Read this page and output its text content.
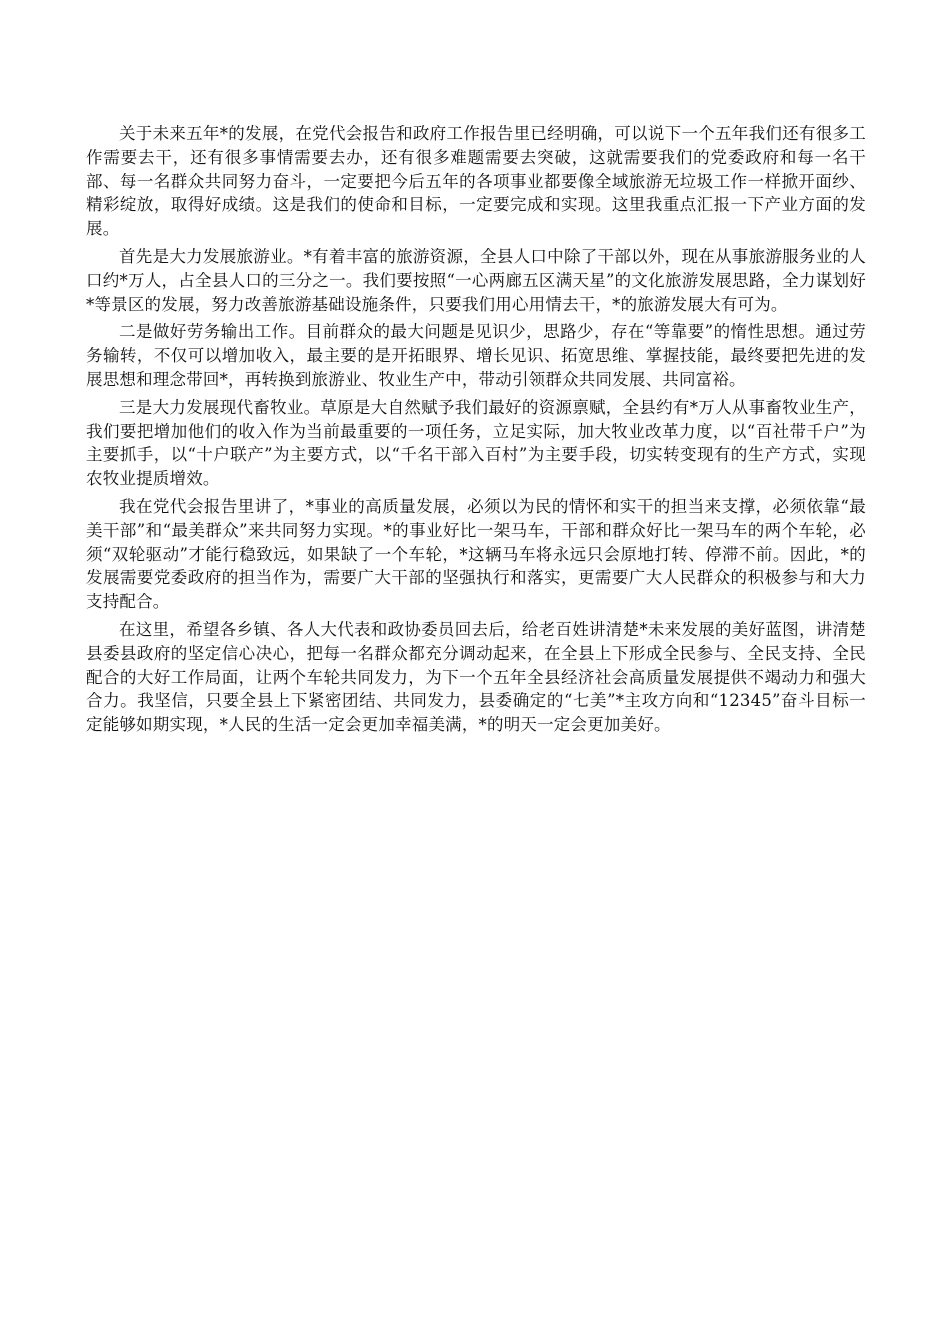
关于未来五年*的发展，在党代会报告和政府工作报告里已经明确，可以说下一个五年我们还有很多工作需要去干，还有很多事情需要去办，还有很多难题需要去突破，这就需要我们的党委政府和每一名干部、每一名群众共同努力奋斗，一定要把今后五年的各项事业都要像全域旅游无垃圾工作一样掀开面纱、精彩绽放，取得好成绩。这是我们的使命和目标，一定要完成和实现。这里我重点汇报一下产业方面的发展。

首先是大力发展旅游业。*有着丰富的旅游资源，全县人口中除了干部以外，现在从事旅游服务业的人口约*万人，占全县人口的三分之一。我们要按照“一心两廊五区满天星”的文化旅游发展思路，全力谋划好*等景区的发展，努力改善旅游基础设施条件，只要我们用心用情去干，*的旅游发展大有可为。

二是做好劳务输出工作。目前群众的最大问题是见识少，思路少，存在“等靠要”的惰性思想。通过劳务输转，不仅可以增加收入，最主要的是开拓眼界、增长见识、拓宽思维、掌握技能，最终要把先进的发展思想和理念带回*，再转换到旅游业、牧业生产中，带动引领群众共同发展、共同富裕。

三是大力发展现代畜牧业。草原是大自然赋予我们最好的资源禀赋，全县约有*万人从事畜牧业生产，我们要把增加他们的收入作为当前最重要的一项任务，立足实际，加大牧业改革力度，以“百社带千户”为主要抓手，以“十户联产”为主要方式，以“千名干部入百村”为主要手段，切实转变现有的生产方式，实现农牧业提质增效。

我在党代会报告里讲了，*事业的高质量发展，必须以为民的情怀和实干的担当来支撑，必须依靠“最美干部”和“最美群众”来共同努力实现。*的事业好比一架马车，干部和群众好比一架马车的两个车轮，必须“双轮驱动”才能行稳致远，如果缺了一个车轮，*这辆马车将永远只会原地打转、停滞不前。因此，*的发展需要党委政府的担当作为，需要广大干部的坚强执行和落实，更需要广大人民群众的积极参与和大力支持配合。

在这里，希望各乡镇、各人大代表和政协委员回去后，给老百姓讲清楚*未来发展的美好蓝图，讲清楚县委县政府的坚定信心决心，把每一名群众都充分调动起来，在全县上下形成全民参与、全民支持、全民配合的大好工作局面，让两个车轮共同发力，为下一个五年全县经济社会高质量发展提供不竭动力和强大合力。我坚信，只要全县上下紧密团结、共同发力，县委确定的“七美”*主攻方向和“12345”奋斗目标一定能够如期实现，*人民的生活一定会更加幸福美满，*的明天一定会更加美好。
